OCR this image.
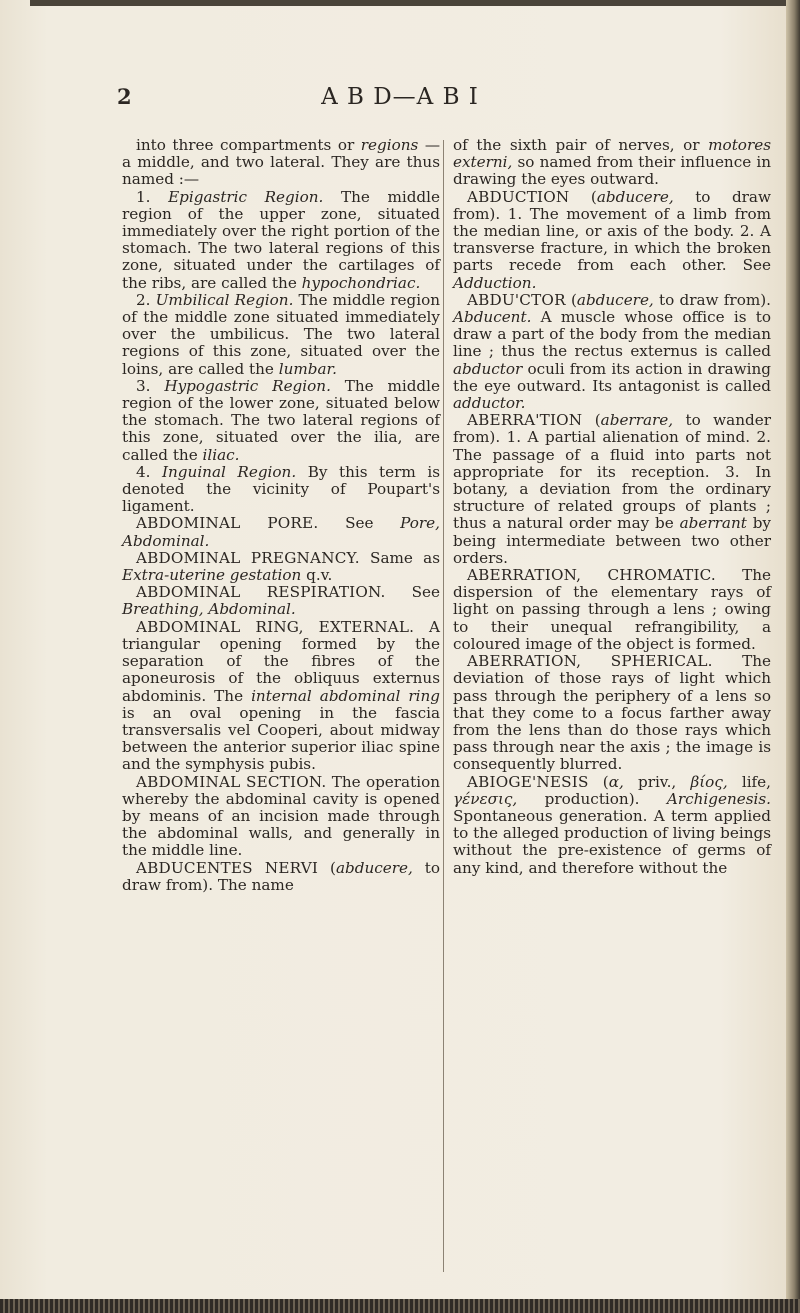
2	A B D—A B I

into three compartments or regions —a middle, and two lateral. They are thus named :—

1. Epigastric Region. The middle region of the upper zone, situated immediately over the right portion of the stomach. The two lateral regions of this zone, situated under the cartilages of the ribs, are called the hypochondriac.

2. Umbilical Region. The middle region of the middle zone situated immediately over the umbilicus. The two lateral regions of this zone, situated over the loins, are called the lumbar.

3. Hypogastric Region. The middle region of the lower zone, situated below the stomach. The two lateral regions of this zone, situated over the ilia, are called the iliac.

4. Inguinal Region. By this term is denoted the vicinity of Poupart's ligament.

ABDOMINAL PORE. See Pore, Abdominal.

ABDOMINAL PREGNANCY. Same as Extra-uterine gestation q.v.

ABDOMINAL RESPIRATION. See Breathing, Abdominal.

ABDOMINAL RING, EXTERNAL. A triangular opening formed by the separation of the fibres of the aponeurosis of the obliquus externus abdominis. The internal abdominal ring is an oval opening in the fascia transversalis vel Cooperi, about midway between the anterior superior iliac spine and the symphysis pubis.

ABDOMINAL SECTION. The operation whereby the abdominal cavity is opened by means of an incision made through the abdominal walls, and generally in the middle line.

ABDUCENTES NERVI (abducere, to draw from). The name

of the sixth pair of nerves, or motores externi, so named from their influence in drawing the eyes outward.

ABDUCTION (abducere, to draw from). 1. The movement of a limb from the median line, or axis of the body. 2. A transverse fracture, in which the broken parts recede from each other. See Adduction.

ABDU'CTOR (abducere, to draw from). Abducent. A muscle whose office is to draw a part of the body from the median line ; thus the rectus externus is called abductor oculi from its action in drawing the eye outward. Its antagonist is called adductor.

ABERRA'TION (aberrare, to wander from). 1. A partial alienation of mind. 2. The passage of a fluid into parts not appropriate for its reception. 3. In botany, a deviation from the ordinary structure of related groups of plants ; thus a natural order may be aberrant by being intermediate between two other orders.

ABERRATION, CHROMATIC. The dispersion of the elementary rays of light on passing through a lens ; owing to their unequal refrangibility, a coloured image of the object is formed.

ABERRATION, SPHERICAL. The deviation of those rays of light which pass through the periphery of a lens so that they come to a focus farther away from the lens than do those rays which pass through near the axis ; the image is consequently blurred.

ABIOGE'NESIS (α, priv., βίος, life, γένεσις, production). Archigenesis. Spontaneous generation. A term applied to the alleged production of living beings without the pre-existence of germs of any kind, and therefore without the
